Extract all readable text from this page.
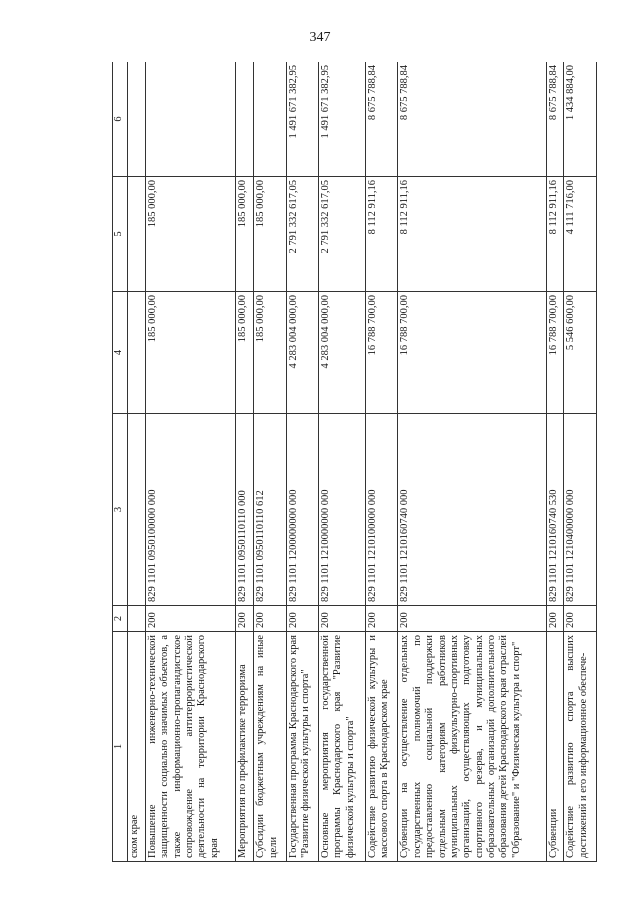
347
1	2	3	4	5	6
ском крае					
Повышение инженерно-технической защищенности социально значимых объектов, а также информационно-пропагандистское сопровождение антитеррористической деятельности на территории Краснодарского края	200	829 1101 0950100000 000	185 000,00	185 000,00	
Мероприятия по профилактике терроризма	200	829 1101 0950110110 000	185 000,00	185 000,00	
Субсидии бюджетным учреждениям на иные цели	200	829 1101 0950110110 612	185 000,00	185 000,00	
Государственная программа Краснодарского края "Развитие физической культуры и спорта"	200	829 1101 1200000000 000	4 283 004 000,00	2 791 332 617,05	1 491 671 382,95
Основные мероприятия государственной программы Краснодарского края "Развитие физической культуры и спорта"	200	829 1101 1210000000 000	4 283 004 000,00	2 791 332 617,05	1 491 671 382,95
Содействие развитию физической культуры и массового спорта в Краснодарском крае	200	829 1101 1210100000 000	16 788 700,00	8 112 911,16	8 675 788,84
Субвенции на осуществление отдельных государственных полномочий по предоставлению социальной поддержки отдельным категориям работников муниципальных физкультурно-спортивных организаций, осуществляющих подготовку спортивного резерва, и муниципальных образовательных организаций дополнительного образования детей Краснодарского края отраслей "Образование" и "Физическая культура и спорт"	200	829 1101 1210160740 000	16 788 700,00	8 112 911,16	8 675 788,84
Субвенции	200	829 1101 1210160740 530	16 788 700,00	8 112 911,16	8 675 788,84
Содействие развитию спорта высших достижений и его информационное обеспече-	200	829 1101 1210400000 000	5 546 600,00	4 111 716,00	1 434 884,00
